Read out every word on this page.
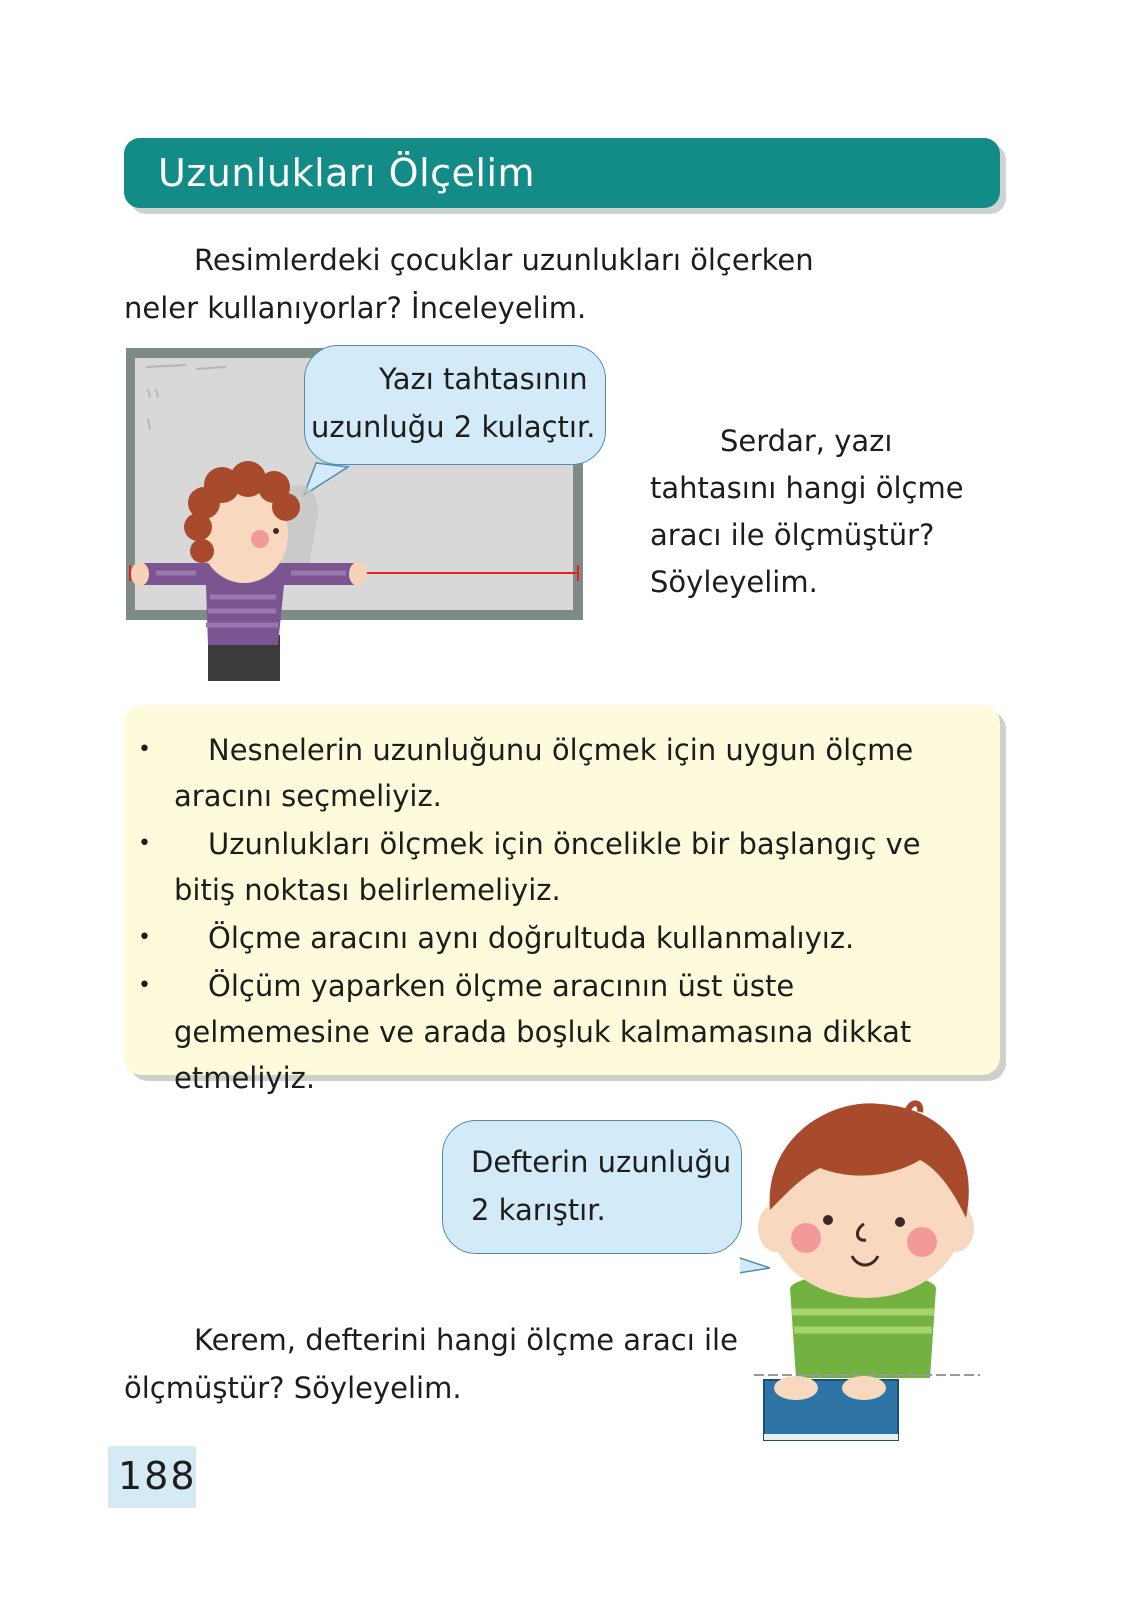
Uzunlukları Ölçelim

Resimlerdeki çocuklar uzunlukları ölçerken neler kullanıyorlar? İnceleyelim.

Yazı tahtasının
uzunluğu 2 kulaçtır.	Serdar, yazı tahtasını hangi ölçme aracı ile ölçmüştür? Söyleyelim.

• Nesnelerin uzunluğunu ölçmek için uygun ölçme aracını seçmeliyiz.
• Uzunlukları ölçmek için öncelikle bir başlangıç ve bitiş noktası belirlemeliyiz.
• Ölçme aracını aynı doğrultuda kullanmalıyız.
• Ölçüm yaparken ölçme aracının üst üste gelmemesine ve arada boşluk kalmamasına dikkat etmeliyiz.
Defterin uzunluğu
2 karıştır.

Kerem, defterini hangi ölçme aracı ile ölçmüştür? Söyleyelim.

188
